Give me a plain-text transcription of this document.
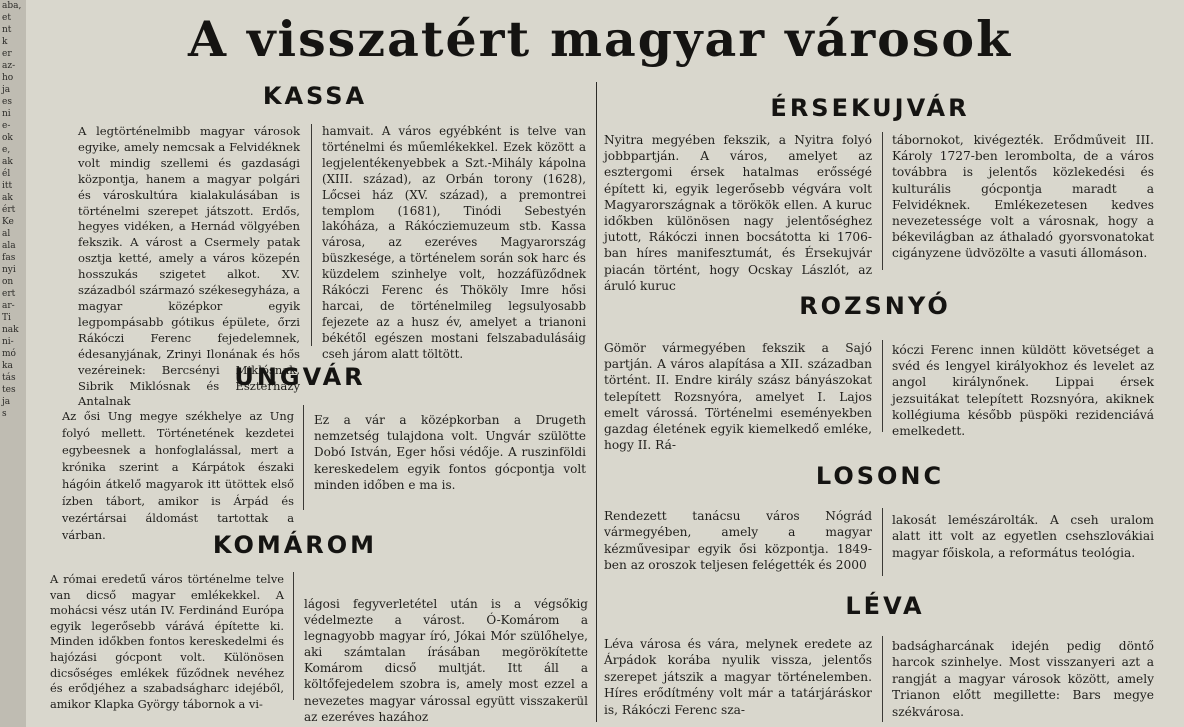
aba,
et
nt
k
er
az-
ho
ja
es
ni
e-
ok
e,
ak
él
itt
ak
ért
Ke
al
ala
fas
nyi
on
ert
ar-
Ti
nak
ni-
mó
ka
tás
tes
ja
s
A visszatért magyar városok
KASSA
A legtörténelmibb magyar városok egyike, amely nemcsak a Felvidéknek volt mindig szellemi és gazdasági központja, hanem a magyar polgári és városkultúra kialakulásában is történelmi szerepet játszott. Erdős, hegyes vidéken, a Hernád völgyében fekszik. A várost a Csermely patak osztja ketté, amely a város közepén hosszukás szigetet alkot. XV. századból származó székesegyháza, a magyar középkor egyik legpompásabb gótikus épülete, őrzi Rákóczi Ferenc fejedelemnek, édesanyjának, Zrinyi Ilonának és hős vezéreinek: Bercsényi Miklósnak, Sibrik Miklósnak és Eszterházy Antalnak
hamvait. A város egyébként is telve van történelmi és műemlékekkel. Ezek között a legjelentékenyebbek a Szt.-Mihály kápolna (XIII. század), az Orbán torony (1628), Lőcsei ház (XV. század), a premontrei templom (1681), Tinódi Sebestyén lakóháza, a Rákócziemuzeum stb. Kassa városa, az ezeréves Magyarország büszkesége, a történelem során sok harc és küzdelem szinhelye volt, hozzáfüződnek Rákóczi Ferenc és Thököly Imre hősi harcai, de történelmileg legsulyosabb fejezete az a husz év, amelyet a trianoni békétől egészen mostani felszabadulásáig cseh járom alatt töltött.
UNGVÁR
Az ősi Ung megye székhelye az Ung folyó mellett. Történetének kezdetei egybeesnek a honfoglalással, mert a krónika szerint a Kárpátok északi hágóin átkelő magyarok itt ütöttek első ízben tábort, amikor is Árpád és vezértársai áldomást tartottak a várban.
Ez a vár a középkorban a Drugeth nemzetség tulajdona volt. Ungvár szülötte Dobó István, Eger hősi védője. A ruszinföldi kereskedelem egyik fontos gócpontja volt minden időben e ma is.
KOMÁROM
A római eredetű város történelme telve van dicső magyar emlékekkel. A mohácsi vész után IV. Ferdinánd Európa egyik legerősebb várává építette ki. Minden időkben fontos kereskedelmi és hajózási gócpont volt. Különösen dicsőséges emlékek fűződnek nevéhez és erődjéhez a szabadságharc idejéből, amikor Klapka György tábornok a vi-
lágosi fegyverletétel után is a végsőkig védelmezte a várost. Ó-Komárom a legnagyobb magyar író, Jókai Mór szülőhelye, aki számtalan írásában megörökítette Komárom dicső multját. Itt áll a költőfejedelem szobra is, amely most ezzel a nevezetes magyar várossal együtt visszakerül az ezeréves hazához
ÉRSEKUJVÁR
Nyitra megyében fekszik, a Nyitra folyó jobbpartján. A város, amelyet az esztergomi érsek hatalmas erősségé épített ki, egyik legerősebb végvára volt Magyarországnak a törökök ellen. A kuruc időkben különösen nagy jelentőséghez jutott, Rákóczi innen bocsátotta ki 1706-ban híres manifesztumát, és Érsekujvár piacán történt, hogy Ocskay Lászlót, az áruló kuruc
tábornokot, kivégezték. Erődműveit III. Károly 1727-ben lerombolta, de a város továbbra is jelentős közlekedési és kulturális gócpontja maradt a Felvidéknek. Emlékezetesen kedves nevezetessége volt a városnak, hogy a békevilágban az áthaladó gyorsvonatokat cigányzene üdvözölte a vasuti állomáson.
ROZSNYÓ
Gömör vármegyében fekszik a Sajó partján. A város alapítása a XII. században történt. II. Endre király szász bányászokat telepített Rozsnyóra, amelyet I. Lajos emelt várossá. Történelmi eseményekben gazdag életének egyik kiemelkedő emléke, hogy II. Rá-
kóczi Ferenc innen küldött követséget a svéd és lengyel királyokhoz és levelet az angol királynőnek. Lippai érsek jezsuitákat telepített Rozsnyóra, akiknek kollégiuma később püspöki rezidenciává emelkedett.
LOSONC
Rendezett tanácsu város Nógrád vármegyében, amely a magyar kézművesipar egyik ősi központja. 1849-ben az oroszok teljesen felégették és 2000
lakosát lemészárolták. A cseh uralom alatt itt volt az egyetlen csehszlovákiai magyar főiskola, a református teológia.
LÉVA
Léva városa és vára, melynek eredete az Árpádok korába nyulik vissza, jelentős szerepet játszik a magyar történelemben. Híres erődítmény volt már a tatárjáráskor is, Rákóczi Ferenc sza-
badságharcának idején pedig döntő harcok szinhelye. Most visszanyeri azt a rangját a magyar városok között, amely Trianon előtt megillette: Bars megye székvárosa.
